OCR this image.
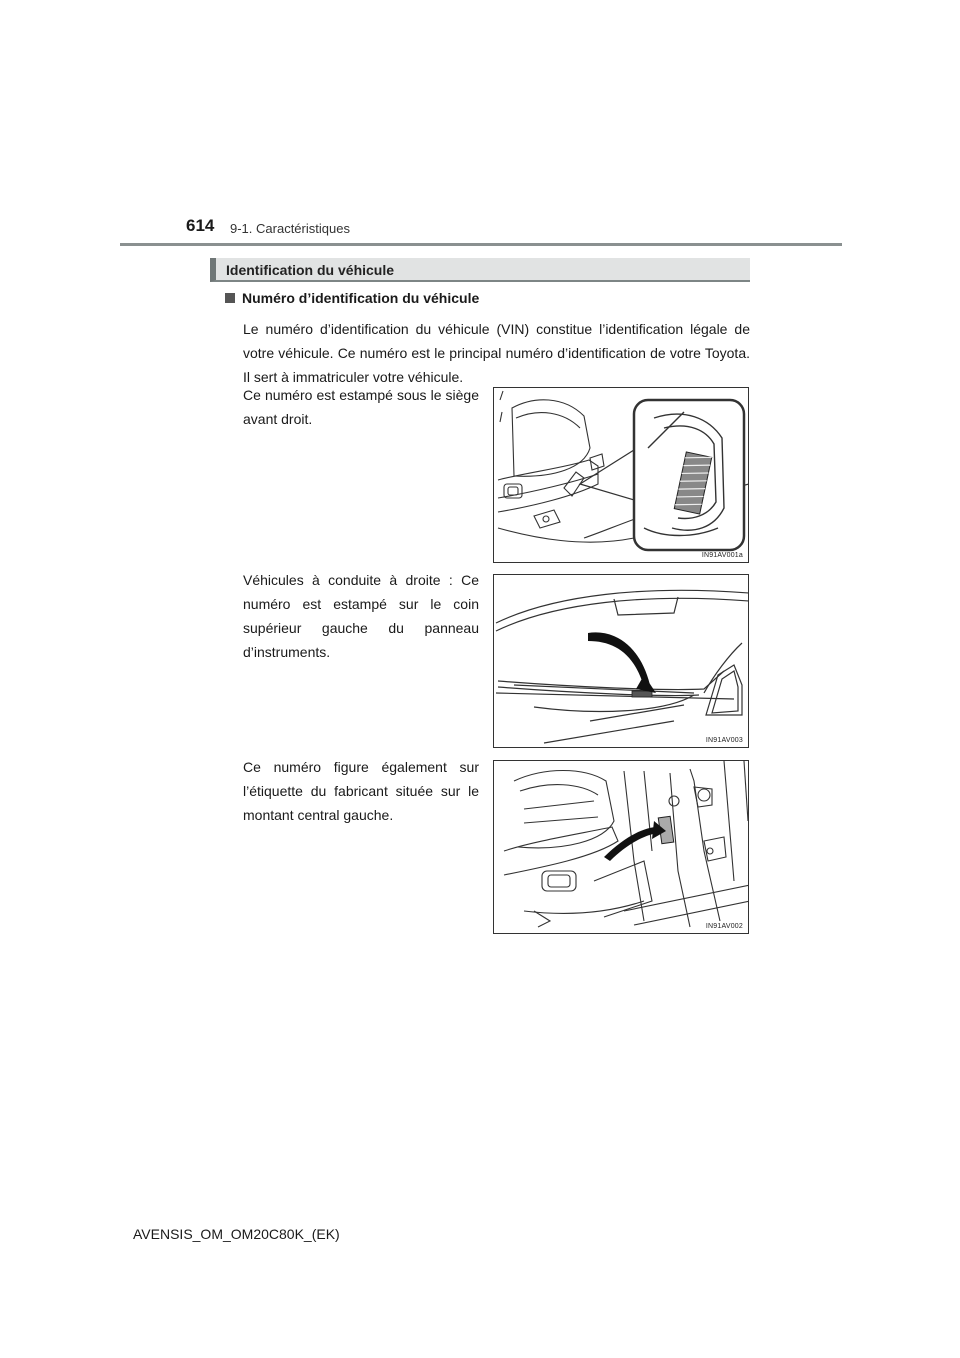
614 9-1. Caractéristiques
Identification du véhicule
Numéro d’identification du véhicule
Le numéro d’identification du véhicule (VIN) constitue l’identification légale de votre véhicule. Ce numéro est le principal numéro d’identification de votre Toyota. Il sert à immatriculer votre véhicule.
Ce numéro est estampé sous le siège avant droit.
IN91AV001a
Véhicules à conduite à droite : Ce numéro est estampé sur le coin supérieur gauche du panneau d’instruments.
IN91AV003
Ce numéro figure également sur l’étiquette du fabricant située sur le montant central gauche.
IN91AV002
AVENSIS_OM_OM20C80K_(EK)
